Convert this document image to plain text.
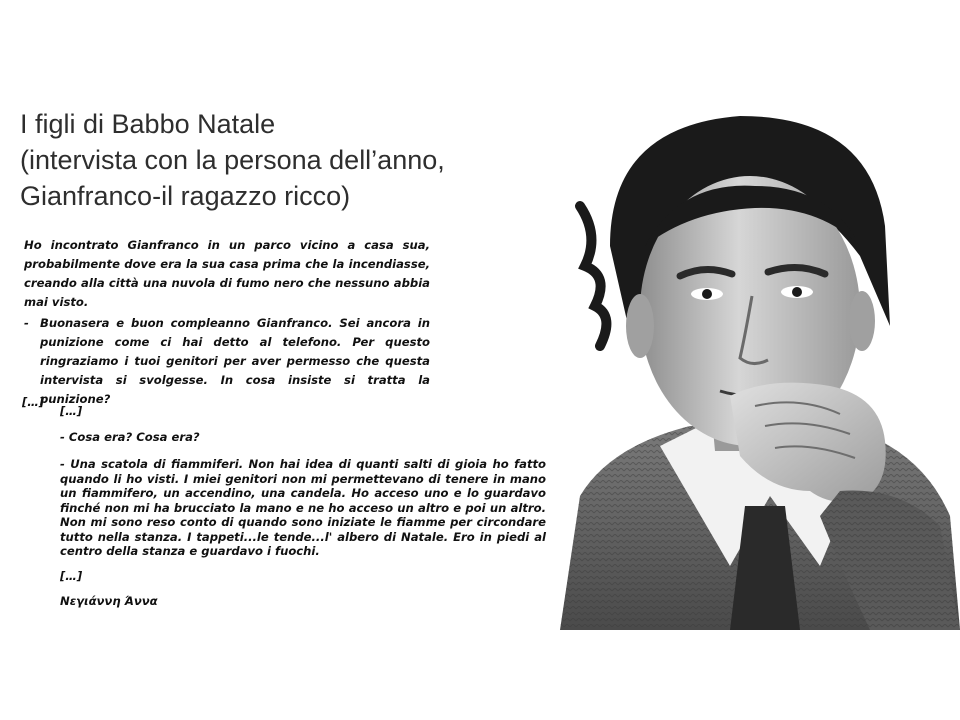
I figli di Babbo Natale
(intervista con la persona dell’anno,
Gianfranco-il ragazzo ricco)

Ho incontrato Gianfranco in un parco vicino a casa sua, probabilmente dove era la sua casa prima che la incendiasse, creando alla città una nuvola di fumo nero che nessuno abbia mai visto.

- Buonasera e buon compleanno Gianfranco. Sei ancora in punizione come ci hai detto al telefono. Per questo ringraziamo i tuoi genitori per aver permesso che questa intervista si svolgesse. In cosa insiste si tratta la punizione?

[…]

[…]

- Cosa era? Cosa era?

- Una scatola di fiammiferi. Non hai idea di quanti salti di gioia ho fatto quando li ho visti. I miei genitori non mi permettevano di tenere in mano un fiammifero, un accendino, una candela. Ho acceso uno e lo guardavo finché non mi ha brucciato la mano e ne ho acceso un altro e poi un altro. Non mi sono reso conto di quando sono iniziate le fiamme per circondare tutto nella stanza. I tappeti...le tende...l' albero di Natale. Ero in piedi al centro della stanza e guardavo i fuochi.

[…]

Νεγιάννη Άννα
